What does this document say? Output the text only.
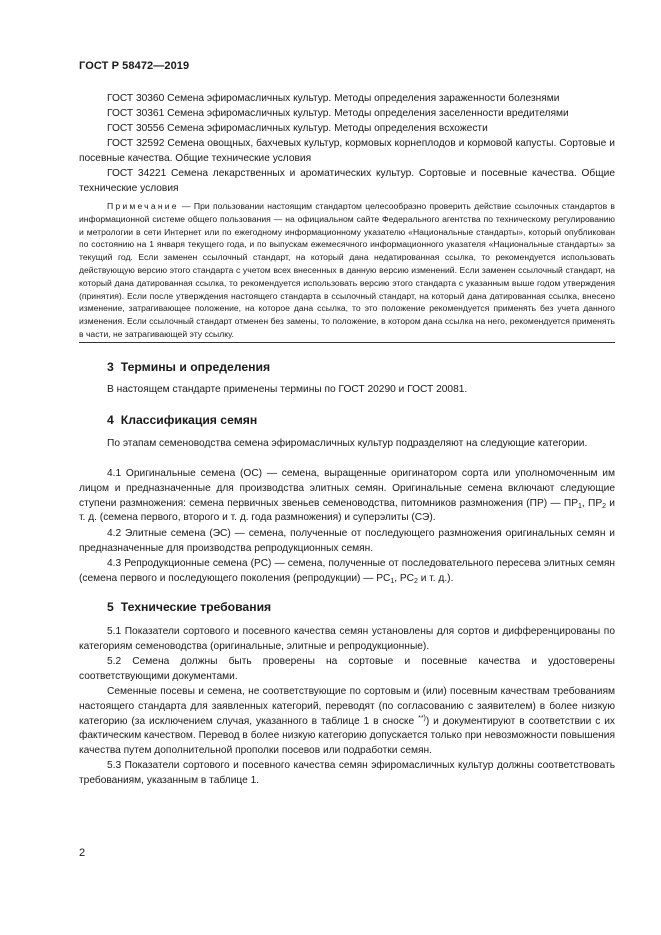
ГОСТ Р 58472—2019
ГОСТ 30360 Семена эфиромасличных культур. Методы определения зараженности болезнями
ГОСТ 30361 Семена эфиромасличных культур. Методы определения заселенности вредителями
ГОСТ 30556 Семена эфиромасличных культур. Методы определения всхожести
ГОСТ 32592 Семена овощных, бахчевых культур, кормовых корнеплодов и кормовой капусты. Сортовые и посевные качества. Общие технические условия
ГОСТ 34221 Семена лекарственных и ароматических культур. Сортовые и посевные качества. Общие технические условия
Примечание — При пользовании настоящим стандартом целесообразно проверить действие ссылочных стандартов в информационной системе общего пользования — на официальном сайте Федерального агентства по техническому регулированию и метрологии в сети Интернет или по ежегодному информационному указателю «Национальные стандарты», который опубликован по состоянию на 1 января текущего года, и по выпускам ежемесячного информационного указателя «Национальные стандарты» за текущий год. Если заменен ссылочный стандарт, на который дана недатированная ссылка, то рекомендуется использовать действующую версию этого стандарта с учетом всех внесенных в данную версию изменений. Если заменен ссылочный стандарт, на который дана датированная ссылка, то рекомендуется использовать версию этого стандарта с указанным выше годом утверждения (принятия). Если после утверждения настоящего стандарта в ссылочный стандарт, на который дана датированная ссылка, внесено изменение, затрагивающее положение, на которое дана ссылка, то это положение рекомендуется применять без учета данного изменения. Если ссылочный стандарт отменен без замены, то положение, в котором дана ссылка на него, рекомендуется применять в части, не затрагивающей эту ссылку.
3 Термины и определения
В настоящем стандарте применены термины по ГОСТ 20290 и ГОСТ 20081.
4 Классификация семян
По этапам семеноводства семена эфиромасличных культур подразделяют на следующие категории.
4.1 Оригинальные семена (ОС) — семена, выращенные оригинатором сорта или уполномоченным им лицом и предназначенные для производства элитных семян. Оригинальные семена включают следующие ступени размножения: семена первичных звеньев семеноводства, питомников размножения (ПР) — $ПР_1$, $ПР_2$ и т. д. (семена первого, второго и т. д. года размножения) и суперэлиты (СЭ).
4.2 Элитные семена (ЭС) — семена, полученные от последующего размножения оригинальных семян и предназначенные для производства репродукционных семян.
4.3 Репродукционные семена (РС) — семена, полученные от последовательного пересева элитных семян (семена первого и последующего поколения (репродукции) — $РС_1$, $РС_2$ и т. д.).
5 Технические требования
5.1 Показатели сортового и посевного качества семян установлены для сортов и дифференцированы по категориям семеноводства (оригинальные, элитные и репродукционные).
5.2 Семена должны быть проверены на сортовые и посевные качества и удостоверены соответствующими документами.
Семенные посевы и семена, не соответствующие по сортовым и (или) посевным качествам требованиям настоящего стандарта для заявленных категорий, переводят (по согласованию с заявителем) в более низкую категорию (за исключением случая, указанного в таблице 1 в сноске **)) и документируют в соответствии с их фактическим качеством. Перевод в более низкую категорию допускается только при невозможности повышения качества путем дополнительной прополки посевов или подработки семян.
5.3 Показатели сортового и посевного качества семян эфиромасличных культур должны соответствовать требованиям, указанным в таблице 1.
2
